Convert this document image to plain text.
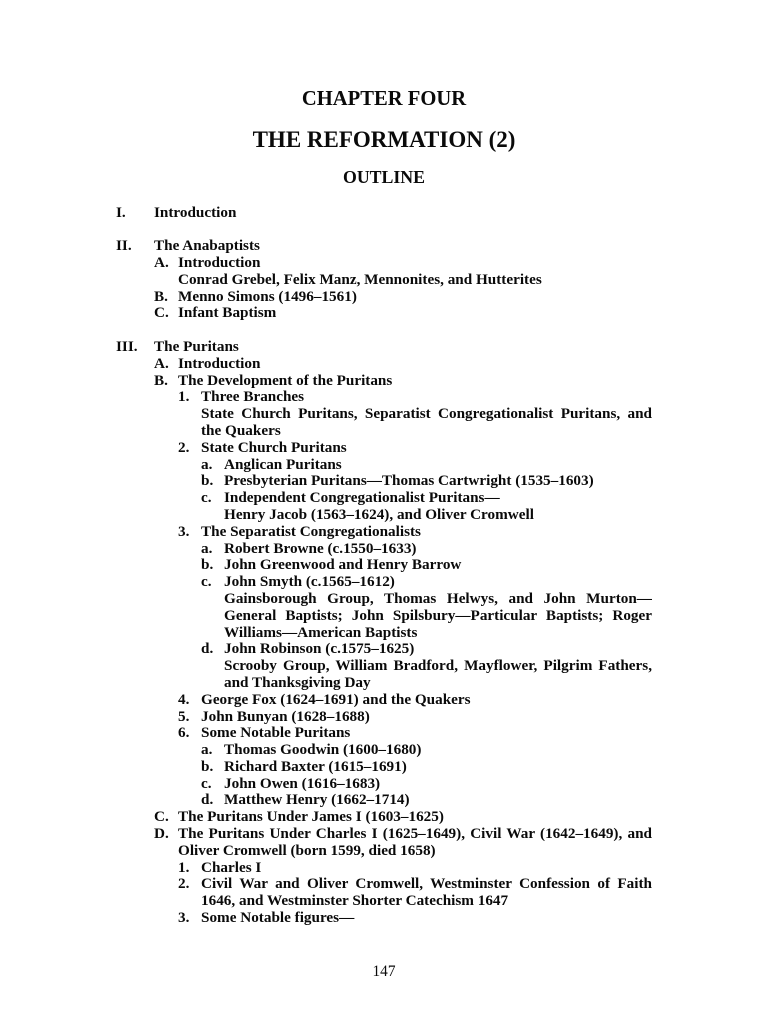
CHAPTER FOUR
THE REFORMATION (2)
OUTLINE
I. Introduction
II. The Anabaptists
A. Introduction
Conrad Grebel, Felix Manz, Mennonites, and Hutterites
B. Menno Simons (1496–1561)
C. Infant Baptism
III. The Puritans
A. Introduction
B. The Development of the Puritans
1. Three Branches
State Church Puritans, Separatist Congregationalist Puritans, and
the Quakers
2. State Church Puritans
a. Anglican Puritans
b. Presbyterian Puritans—Thomas Cartwright (1535–1603)
c. Independent Congregationalist Puritans—
Henry Jacob (1563–1624), and Oliver Cromwell
3. The Separatist Congregationalists
a. Robert Browne (c.1550–1633)
b. John Greenwood and Henry Barrow
c. John Smyth (c.1565–1612)
Gainsborough Group, Thomas Helwys, and John Murton—
General Baptists; John Spilsbury—Particular Baptists; Roger
Williams—American Baptists
d. John Robinson (c.1575–1625)
Scrooby Group, William Bradford, Mayflower, Pilgrim Fathers,
and Thanksgiving Day
4. George Fox (1624–1691) and the Quakers
5. John Bunyan (1628–1688)
6. Some Notable Puritans
a. Thomas Goodwin (1600–1680)
b. Richard Baxter (1615–1691)
c. John Owen (1616–1683)
d. Matthew Henry (1662–1714)
C. The Puritans Under James I (1603–1625)
D. The Puritans Under Charles I (1625–1649), Civil War (1642–1649), and
Oliver Cromwell (born 1599, died 1658)
1. Charles I
2. Civil War and Oliver Cromwell, Westminster Confession of Faith
1646, and Westminster Shorter Catechism 1647
3. Some Notable figures—
147
